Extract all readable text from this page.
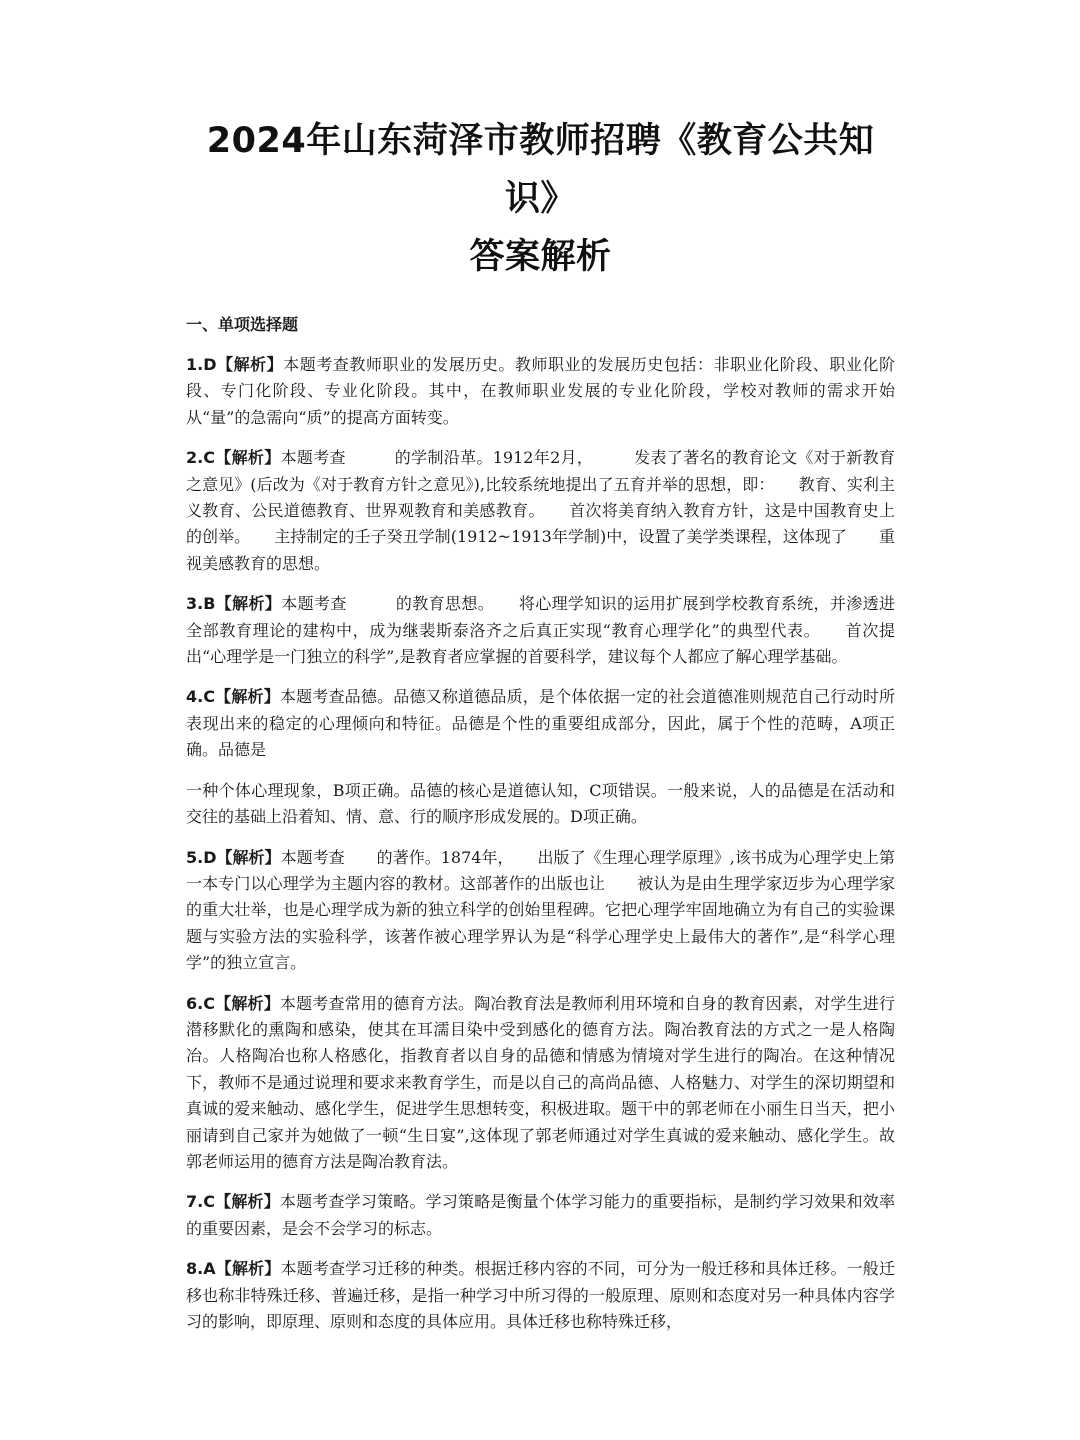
2024年山东菏泽市教师招聘《教育公共知识》
答案解析

一、单项选择题

1.D【解析】本题考查教师职业的发展历史。教师职业的发展历史包括：非职业化阶段、职业化阶段、专门化阶段、专业化阶段。其中，在教师职业发展的专业化阶段，学校对教师的需求开始从“量”的急需向“质”的提高方面转变。

2.C【解析】本题考查　　　的学制沿革。1912年2月，　　　发表了著名的教育论文《对于新教育之意见》(后改为《对于教育方针之意见》),比较系统地提出了五育并举的思想，即：　　教育、实利主义教育、公民道德教育、世界观教育和美感教育。　　首次将美育纳入教育方针，这是中国教育史上的创举。　　主持制定的壬子癸丑学制(1912~1913年学制)中，设置了美学类课程，这体现了　　重视美感教育的思想。

3.B【解析】本题考查　　　的教育思想。　　将心理学知识的运用扩展到学校教育系统，并渗透进全部教育理论的建构中，成为继裴斯泰洛齐之后真正实现“教育心理学化”的典型代表。　　首次提出“心理学是一门独立的科学”,是教育者应掌握的首要科学，建议每个人都应了解心理学基础。

4.C【解析】本题考查品德。品德又称道德品质，是个体依据一定的社会道德准则规范自己行动时所表现出来的稳定的心理倾向和特征。品德是个性的重要组成部分，因此，属于个性的范畴，A项正确。品德是

一种个体心理现象，B项正确。品德的核心是道德认知，C项错误。一般来说，人的品德是在活动和交往的基础上沿着知、情、意、行的顺序形成发展的。D项正确。

5.D【解析】本题考查　　的著作。1874年，　　出版了《生理心理学原理》,该书成为心理学史上第一本专门以心理学为主题内容的教材。这部著作的出版也让　　被认为是由生理学家迈步为心理学家的重大壮举，也是心理学成为新的独立科学的创始里程碑。它把心理学牢固地确立为有自己的实验课题与实验方法的实验科学，该著作被心理学界认为是“科学心理学史上最伟大的著作”,是“科学心理学”的独立宣言。

6.C【解析】本题考查常用的德育方法。陶冶教育法是教师利用环境和自身的教育因素，对学生进行潜移默化的熏陶和感染，使其在耳濡目染中受到感化的德育方法。陶冶教育法的方式之一是人格陶冶。人格陶冶也称人格感化，指教育者以自身的品德和情感为情境对学生进行的陶冶。在这种情况下，教师不是通过说理和要求来教育学生，而是以自己的高尚品德、人格魅力、对学生的深切期望和真诚的爱来触动、感化学生，促进学生思想转变，积极进取。题干中的郭老师在小丽生日当天，把小丽请到自己家并为她做了一顿“生日宴”,这体现了郭老师通过对学生真诚的爱来触动、感化学生。故郭老师运用的德育方法是陶冶教育法。

7.C【解析】本题考查学习策略。学习策略是衡量个体学习能力的重要指标，是制约学习效果和效率的重要因素，是会不会学习的标志。

8.A【解析】本题考查学习迁移的种类。根据迁移内容的不同，可分为一般迁移和具体迁移。一般迁移也称非特殊迁移、普遍迁移，是指一种学习中所习得的一般原理、原则和态度对另一种具体内容学习的影响，即原理、原则和态度的具体应用。具体迁移也称特殊迁移，
